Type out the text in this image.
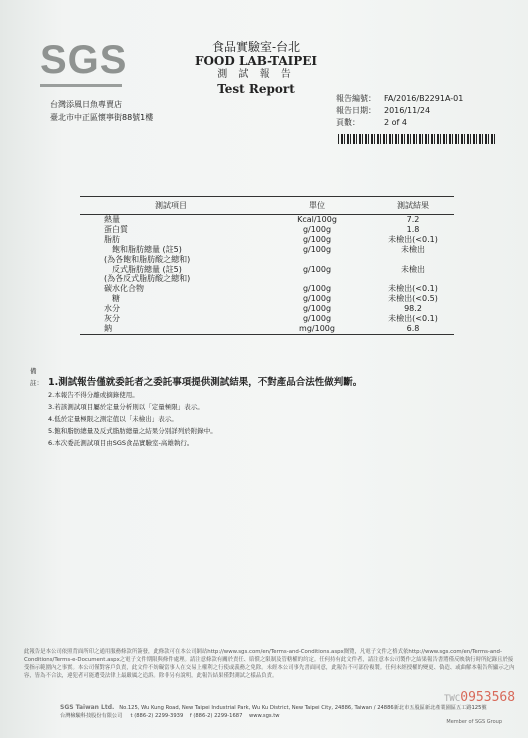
SGS	食品實驗室-台北
FOOD LAB-TAIPEI
測 試 報 告
Test Report
台灣添風日魚專賣店
臺北市中正區懷寧街88號1樓
報告編號： FA/2016/B2291A-01
報告日期： 2016/11/24
頁數：	2 of 4
測試項目	單位	測試結果
熱量	Kcal/100g	7.2
蛋白質	g/100g	1.8
脂肪	g/100g	未檢出(<0.1)
飽和脂肪總量 (註5)	g/100g	未檢出
(為各飽和脂肪酸之總和)		
反式脂肪總量 (註5)	g/100g	未檢出
(為各反式脂肪酸之總和)		
碳水化合物	g/100g	未檢出(<0.1)
糖	g/100g	未檢出(<0.5)
水分	g/100g	98.2
灰分	g/100g	未檢出(<0.1)
鈉	mg/100g	6.8
備註： 1.測試報告僅就委託者之委託事項提供測試結果，不對產品合法性做判斷。
2.本報告不得分離或摘錄使用。
3.若該測試項目屬於定量分析則以「定量極限」表示。
4.低於定量極限之測定值以「未檢出」表示。
5.飽和脂肪總量及反式脂肪總量之結果分別詳列於附錄中。
6.本次委託測試項目由SGS食品實驗室-高雄執行。
此報告是本公司依照背面所印之通用服務條款所簽發，此條款可在本公司網站http://www.sgs.com/en/Terms-and-Conditions.aspx閱覽，凡電子文件之格式依http://www.sgs.com/en/Terms-and-Conditions/Terms-e-Document.aspx之電子文件期限與條件處理。請注意條款有關於責任、賠償之限制及管轄權的約定。任何持有此文件者，請注意本公司製作之結果報告書將僅反映執行時所紀錄且於接受指示範圍內之事實。本公司僅對客戶負責，此文件不妨礙當事人在交易上權利之行使或義務之免除。未經本公司事先書面同意，此報告不可部份複製。任何未經授權的變更、偽造、或曲解本報告所顯示之內容，皆為不合法，違犯者可能遭受法律上最嚴厲之追訴。除非另有說明，此報告結果僅對測試之樣品負責。
TWC0953568
SGS Taiwan Ltd. No.125, Wu Kung Road, New Taipei Industrial Park, Wu Ku District, New Taipei City, 24886, Taiwan / 24886新北市五股區新北產業園區五工路125號
台灣檢驗科技股份有限公司 t (886-2) 2299-3939 f (886-2) 2299-1687 www.sgs.tw
Member of SGS Group
